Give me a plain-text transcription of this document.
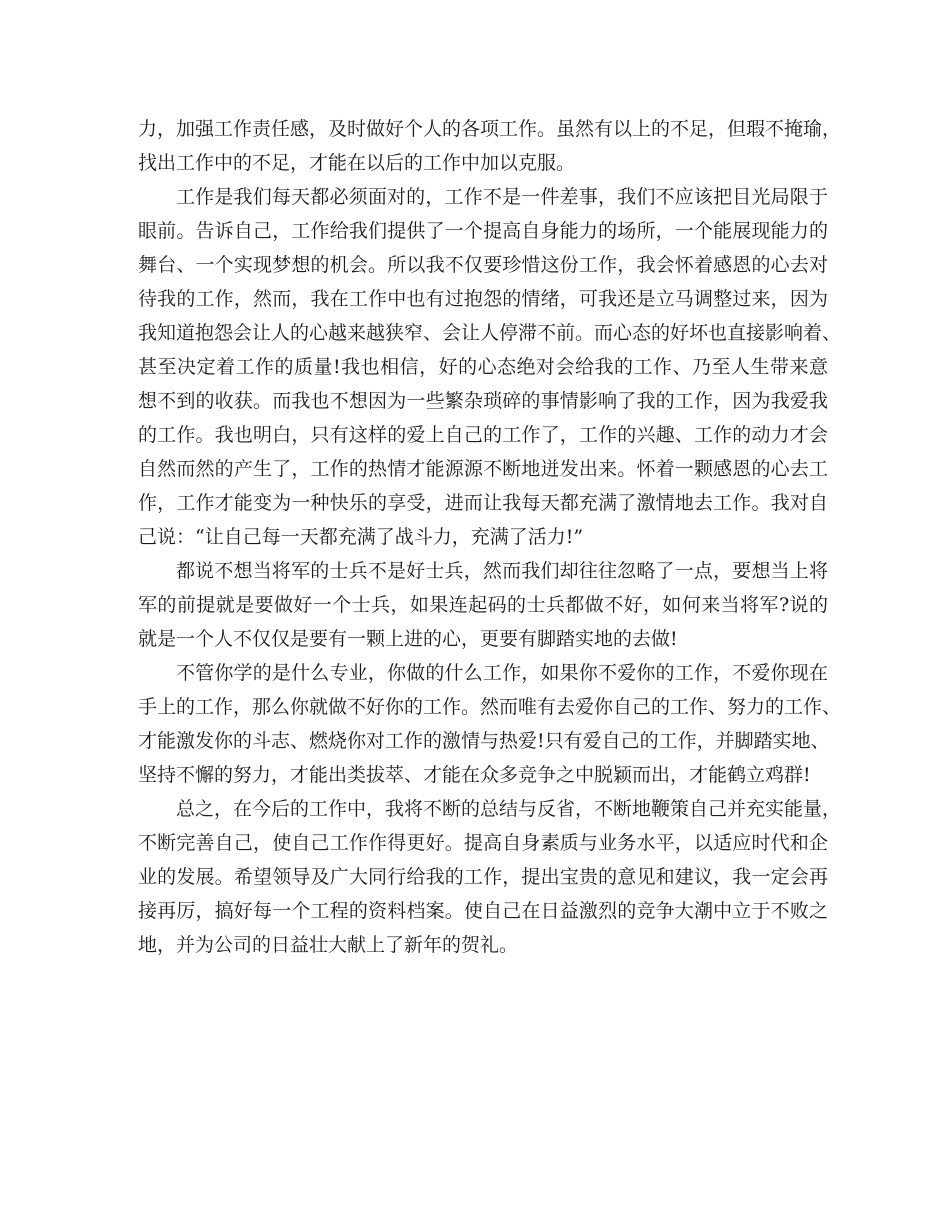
力，加强工作责任感，及时做好个人的各项工作。虽然有以上的不足，但瑕不掩瑜，
找出工作中的不足，才能在以后的工作中加以克服。
工作是我们每天都必须面对的，工作不是一件差事，我们不应该把目光局限于
眼前。告诉自己，工作给我们提供了一个提高自身能力的场所，一个能展现能力的
舞台、一个实现梦想的机会。所以我不仅要珍惜这份工作，我会怀着感恩的心去对
待我的工作，然而，我在工作中也有过抱怨的情绪，可我还是立马调整过来，因为
我知道抱怨会让人的心越来越狭窄、会让人停滞不前。而心态的好坏也直接影响着、
甚至决定着工作的质量!我也相信，好的心态绝对会给我的工作、乃至人生带来意
想不到的收获。而我也不想因为一些繁杂琐碎的事情影响了我的工作，因为我爱我
的工作。我也明白，只有这样的爱上自己的工作了，工作的兴趣、工作的动力才会
自然而然的产生了，工作的热情才能源源不断地迸发出来。怀着一颗感恩的心去工
作，工作才能变为一种快乐的享受，进而让我每天都充满了激情地去工作。我对自
己说：“让自己每一天都充满了战斗力，充满了活力!”
都说不想当将军的士兵不是好士兵，然而我们却往往忽略了一点，要想当上将
军的前提就是要做好一个士兵，如果连起码的士兵都做不好，如何来当将军?说的
就是一个人不仅仅是要有一颗上进的心，更要有脚踏实地的去做!
不管你学的是什么专业，你做的什么工作，如果你不爱你的工作，不爱你现在
手上的工作，那么你就做不好你的工作。然而唯有去爱你自己的工作、努力的工作、
才能激发你的斗志、燃烧你对工作的激情与热爱!只有爱自己的工作，并脚踏实地、
坚持不懈的努力，才能出类拔萃、才能在众多竞争之中脱颖而出，才能鹤立鸡群!
总之，在今后的工作中，我将不断的总结与反省，不断地鞭策自己并充实能量，
不断完善自己，使自己工作作得更好。提高自身素质与业务水平，以适应时代和企
业的发展。希望领导及广大同行给我的工作，提出宝贵的意见和建议，我一定会再
接再厉，搞好每一个工程的资料档案。使自己在日益激烈的竞争大潮中立于不败之
地，并为公司的日益壮大献上了新年的贺礼。
